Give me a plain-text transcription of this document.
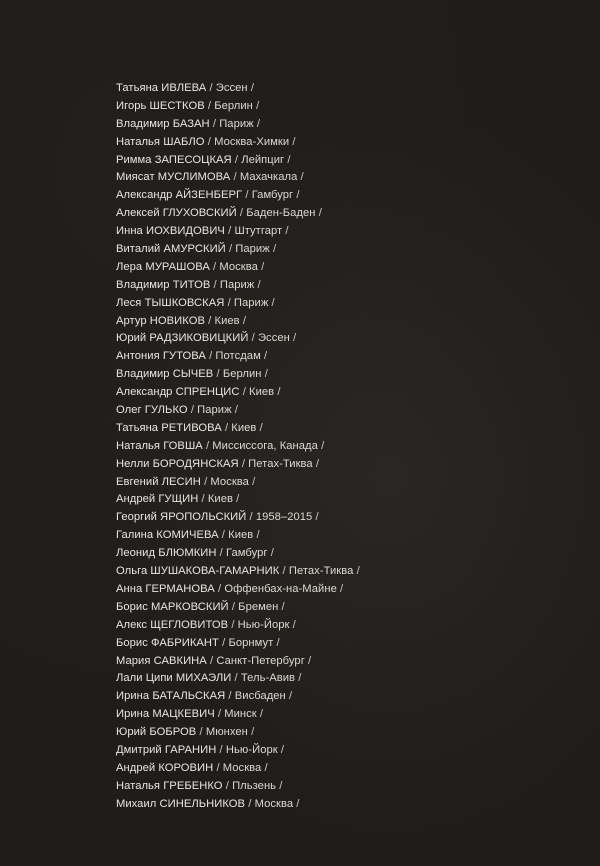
Татьяна ИВЛЕВА / Эссен /
Игорь ШЕСТКОВ / Берлин /
Владимир БАЗАН / Париж /
Наталья ШАБЛО / Москва-Химки /
Римма ЗАПЕСОЦКАЯ / Лейпциг /
Миясат МУСЛИМОВА / Махачкала /
Александр АЙЗЕНБЕРГ / Гамбург /
Алексей ГЛУХОВСКИЙ / Баден-Баден /
Инна ИОХВИДОВИЧ / Штутгарт /
Виталий АМУРСКИЙ / Париж /
Лера МУРАШОВА / Москва /
Владимир ТИТОВ / Париж /
Леся ТЫШКОВСКАЯ / Париж /
Артур НОВИКОВ / Киев /
Юрий РАДЗИКОВИЦКИЙ / Эссен /
Антония ГУТОВА / Потсдам /
Владимир СЫЧЕВ / Берлин /
Александр СПРЕНЦИС / Киев /
Олег ГУЛЬКО / Париж /
Татьяна РЕТИВОВА / Киев /
Наталья ГОВША / Миссиссога, Канада /
Нелли БОРОДЯНСКАЯ / Петах-Тиква /
Евгений ЛЕСИН / Москва /
Андрей ГУЩИН / Киев /
Георгий ЯРОПОЛЬСКИЙ / 1958–2015 /
Галина КОМИЧЕВА / Киев /
Леонид БЛЮМКИН / Гамбург /
Ольга ШУШАКОВА-ГАМАРНИК / Петах-Тиква /
Анна ГЕРМАНОВА / Оффенбах-на-Майне /
Борис МАРКОВСКИЙ / Бремен /
Алекс ЩЕГЛОВИТОВ / Нью-Йорк /
Борис ФАБРИКАНТ / Борнмут /
Мария САВКИНА / Санкт-Петербург /
Лали Ципи МИХАЭЛИ / Тель-Авив /
Ирина БАТАЛЬСКАЯ / Висбаден /
Ирина МАЦКЕВИЧ / Минск /
Юрий БОБРОВ / Мюнхен /
Дмитрий ГАРАНИН / Нью-Йорк /
Андрей КОРОВИН / Москва /
Наталья ГРЕБЕНКО / Пльзень /
Михаил СИНЕЛЬНИКОВ / Москва /
